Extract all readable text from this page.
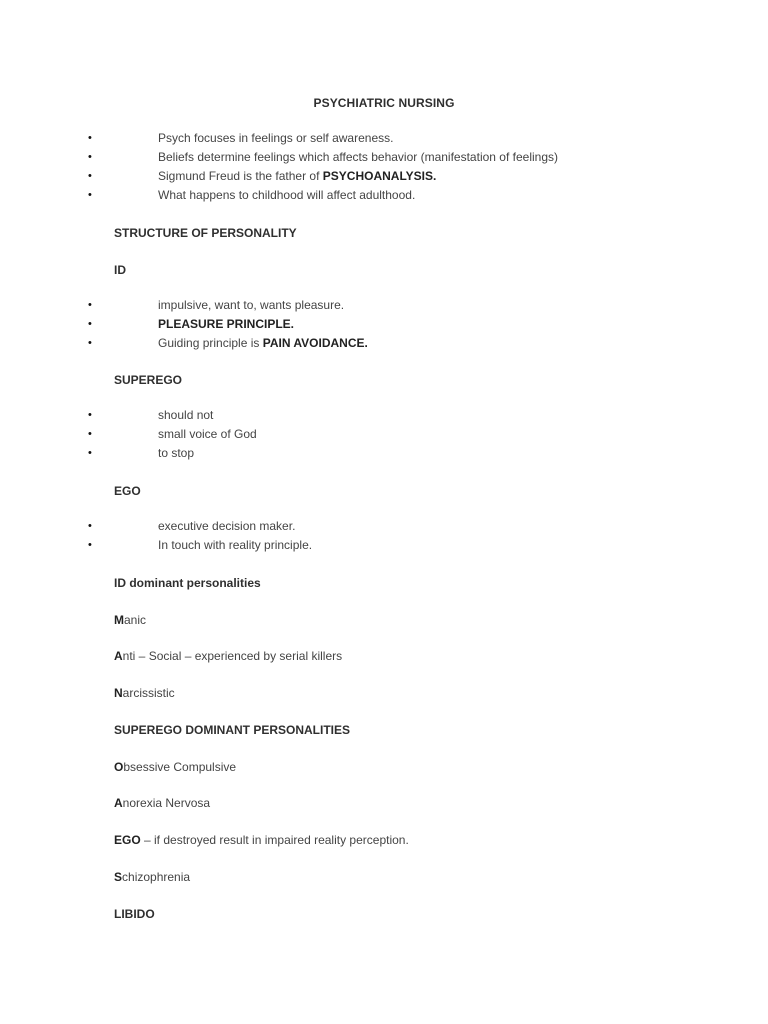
PSYCHIATRIC NURSING
•	Psych focuses in feelings or self awareness.
•	Beliefs determine feelings which affects behavior (manifestation of feelings)
•	Sigmund Freud is the father of PSYCHOANALYSIS.
•	What happens to childhood will affect adulthood.
STRUCTURE OF PERSONALITY
ID
•	impulsive, want to, wants pleasure.
•	PLEASURE PRINCIPLE.
•	Guiding principle is PAIN AVOIDANCE.
SUPEREGO
•	should not
•	small voice of God
•	to stop
EGO
•	executive decision maker.
•	In touch with reality principle.
ID dominant personalities
Manic
Anti – Social – experienced by serial killers
Narcissistic
SUPEREGO DOMINANT PERSONALITIES
Obsessive Compulsive
Anorexia Nervosa
EGO – if destroyed result in impaired reality perception.
Schizophrenia
LIBIDO
